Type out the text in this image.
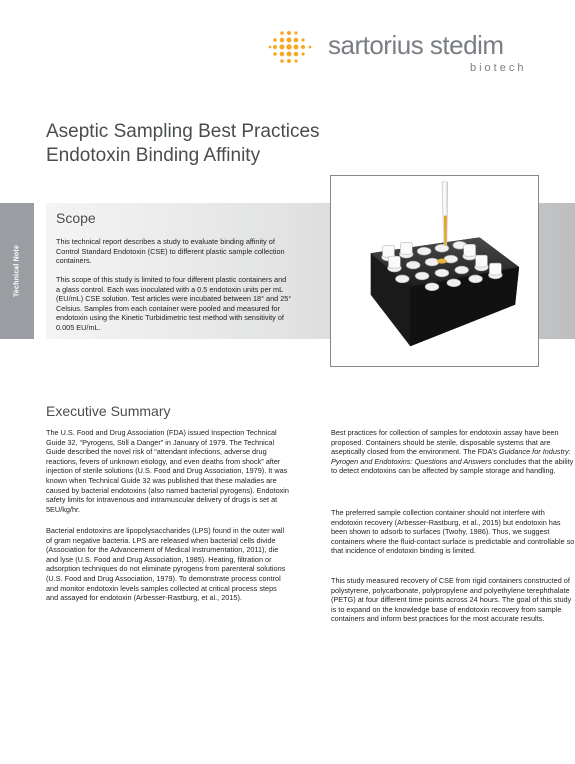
sartorius stedim
biotech
Aseptic Sampling Best Practices
Endotoxin Binding Affinity
Technical Note
Scope
This technical report describes a study to evaluate binding affinity of Control Standard Endotoxin (CSE) to different plastic sample collection containers.
This scope of this study is limited to four different plastic containers and a glass control. Each was inoculated with a 0.5 endotoxin units per mL (EU/mL) CSE solution. Test articles were incubated between 18° and 25° Celsius. Samples from each container were pooled and measured for endotoxin using the Kinetic Turbidimetric test method with sensitivity of 0.005 EU/mL.
Executive Summary
The U.S. Food and Drug Association (FDA) issued Inspection Technical Guide 32, “Pyrogens, Still a Danger” in January of 1979. The Technical Guide described the novel risk of “attendant infections, adverse drug reactions, fevers of unknown etiology, and even deaths from shock” after injection of sterile solutions (U.S. Food and Drug Association, 1979). It was known when Technical Guide 32 was published that these maladies are caused by bacterial endotoxins (also named bacterial pyrogens). Endotoxin safety limits for intravenous and intramuscular delivery of drugs is set at 5EU/kg/hr.
Bacterial endotoxins are lipopolysaccharides (LPS) found in the outer wall of gram negative bacteria. LPS are released when bacterial cells divide (Association for the Advancement of Medical Instrumentation, 2011), die and lyse (U.S. Food and Drug Association, 1985). Heating, filtration or adsorption techniques do not eliminate pyrogens from parenteral solutions (U.S. Food and Drug Association, 1979). To demonstrate process control and monitor endotoxin levels samples collected at critical process steps and assayed for endotoxin (Arbesser-Rastburg, et al., 2015).
Best practices for collection of samples for endotoxin assay have been proposed. Containers should be sterile, disposable systems that are aseptically closed from the environment. The FDA’s Guidance for Industry: Pyrogen and Endotoxins: Questions and Answers concludes that the ability to detect endotoxins can be affected by sample storage and handling.
The preferred sample collection container should not interfere with endotoxin recovery (Arbesser-Rastburg, et al., 2015) but endotoxin has been shown to adsorb to surfaces (Twohy, 1986). Thus, we suggest containers where the fluid-contact surface is predictable and controllable so that incidence of endotoxin binding is limited.
This study measured recovery of CSE from rigid containers constructed of polystyrene, polycarbonate, polypropylene and polyethylene terephthalate (PETG) at four different time points across 24 hours. The goal of this study is to expand on the knowledge base of endotoxin recovery from sample containers and inform best practices for the most accurate results.
